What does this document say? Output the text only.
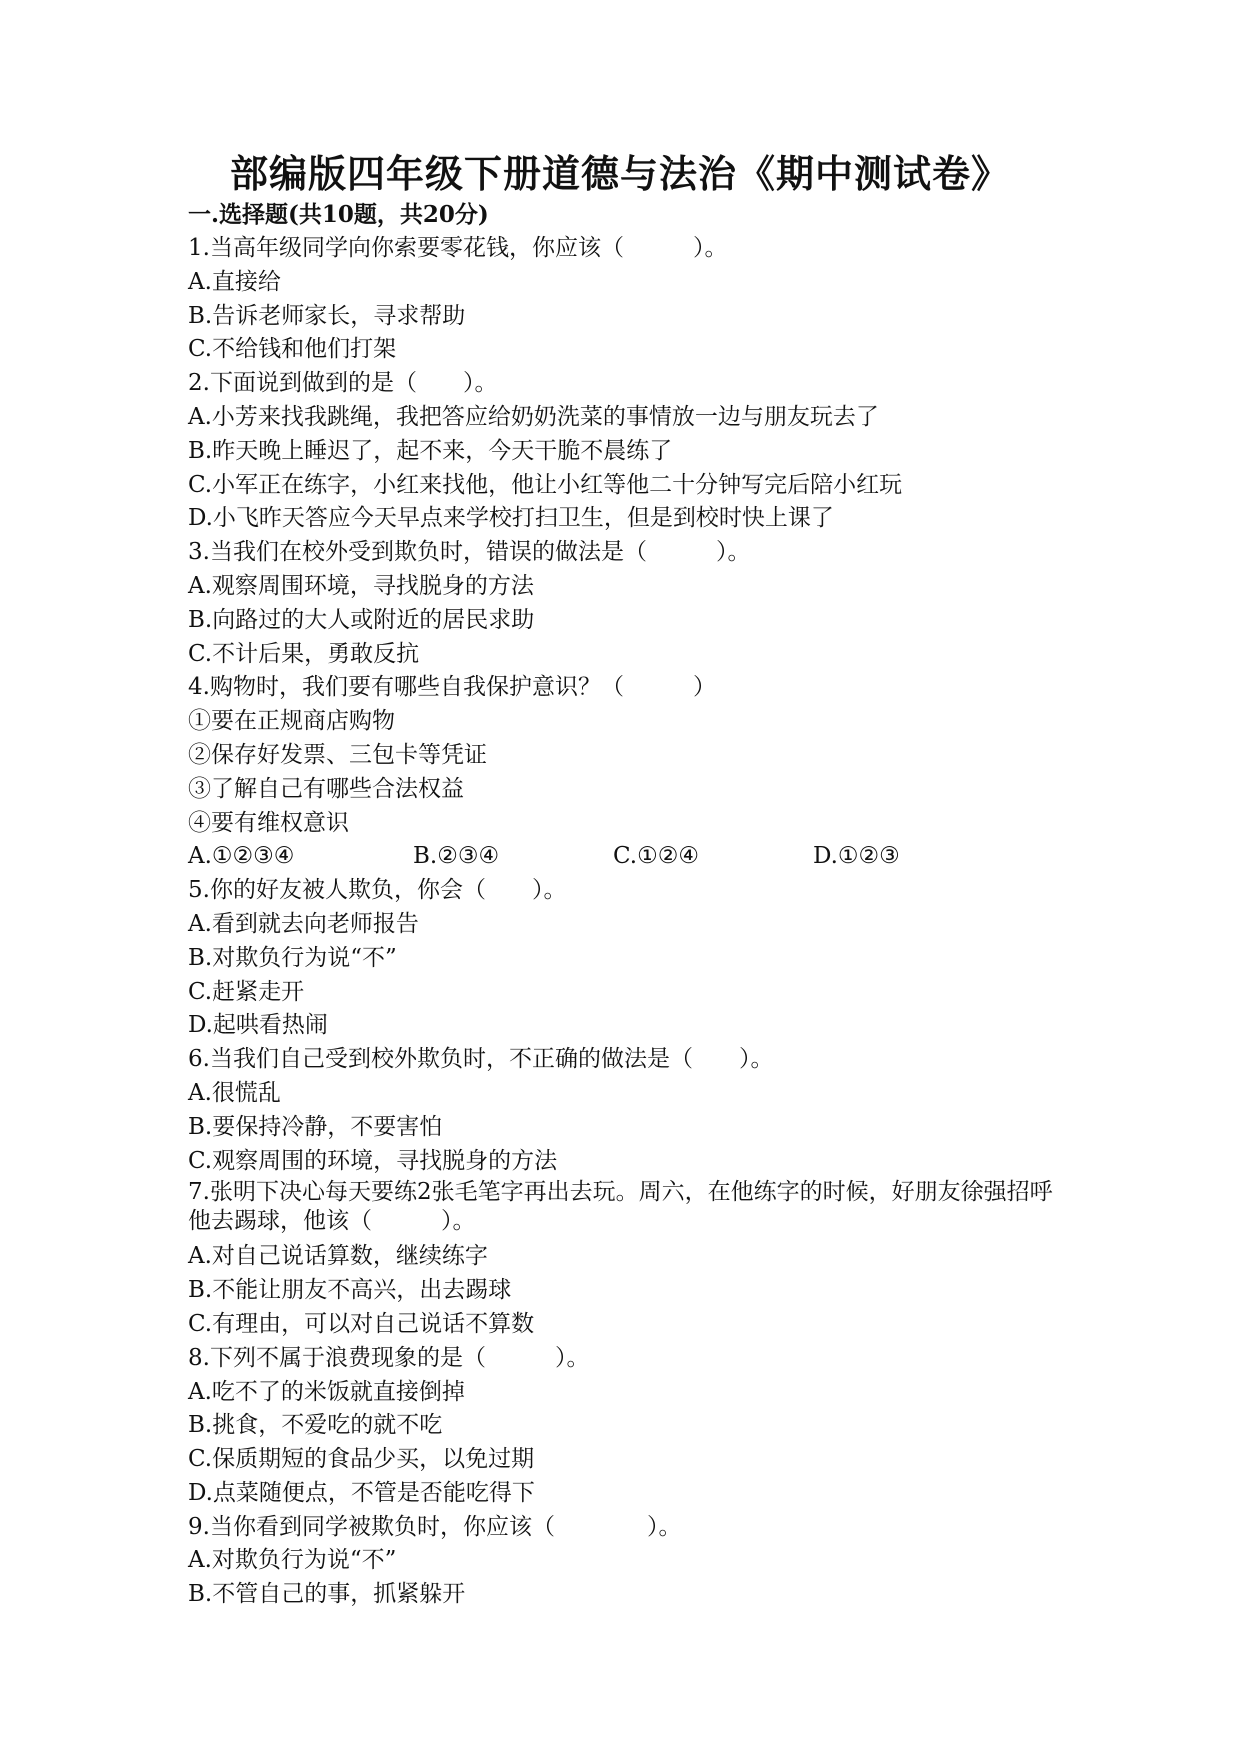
部编版四年级下册道德与法治《期中测试卷》
一.选择题(共10题，共20分)
1.当高年级同学向你索要零花钱，你应该（　　　）。
A.直接给
B.告诉老师家长，寻求帮助
C.不给钱和他们打架
2.下面说到做到的是（　　）。
A.小芳来找我跳绳，我把答应给奶奶洗菜的事情放一边与朋友玩去了
B.昨天晚上睡迟了，起不来，今天干脆不晨练了
C.小军正在练字，小红来找他，他让小红等他二十分钟写完后陪小红玩
D.小飞昨天答应今天早点来学校打扫卫生，但是到校时快上课了
3.当我们在校外受到欺负时，错误的做法是（　　　）。
A.观察周围环境，寻找脱身的方法
B.向路过的大人或附近的居民求助
C.不计后果，勇敢反抗
4.购物时，我们要有哪些自我保护意识？（　　　）
①要在正规商店购物
②保存好发票、三包卡等凭证
③了解自己有哪些合法权益
④要有维权意识
A.①②③④	B.②③④	C.①②④	D.①②③
5.你的好友被人欺负，你会（　　）。
A.看到就去向老师报告
B.对欺负行为说“不”
C.赶紧走开
D.起哄看热闹
6.当我们自己受到校外欺负时，不正确的做法是（　　）。
A.很慌乱
B.要保持冷静，不要害怕
C.观察周围的环境，寻找脱身的方法
7.张明下决心每天要练2张毛笔字再出去玩。周六，在他练字的时候，好朋友徐强招呼他去踢球，他该（　　　）。
A.对自己说话算数，继续练字
B.不能让朋友不高兴，出去踢球
C.有理由，可以对自己说话不算数
8.下列不属于浪费现象的是（　　　）。
A.吃不了的米饭就直接倒掉
B.挑食，不爱吃的就不吃
C.保质期短的食品少买，以免过期
D.点菜随便点，不管是否能吃得下
9.当你看到同学被欺负时，你应该（　　　　）。
A.对欺负行为说“不”
B.不管自己的事，抓紧躲开
